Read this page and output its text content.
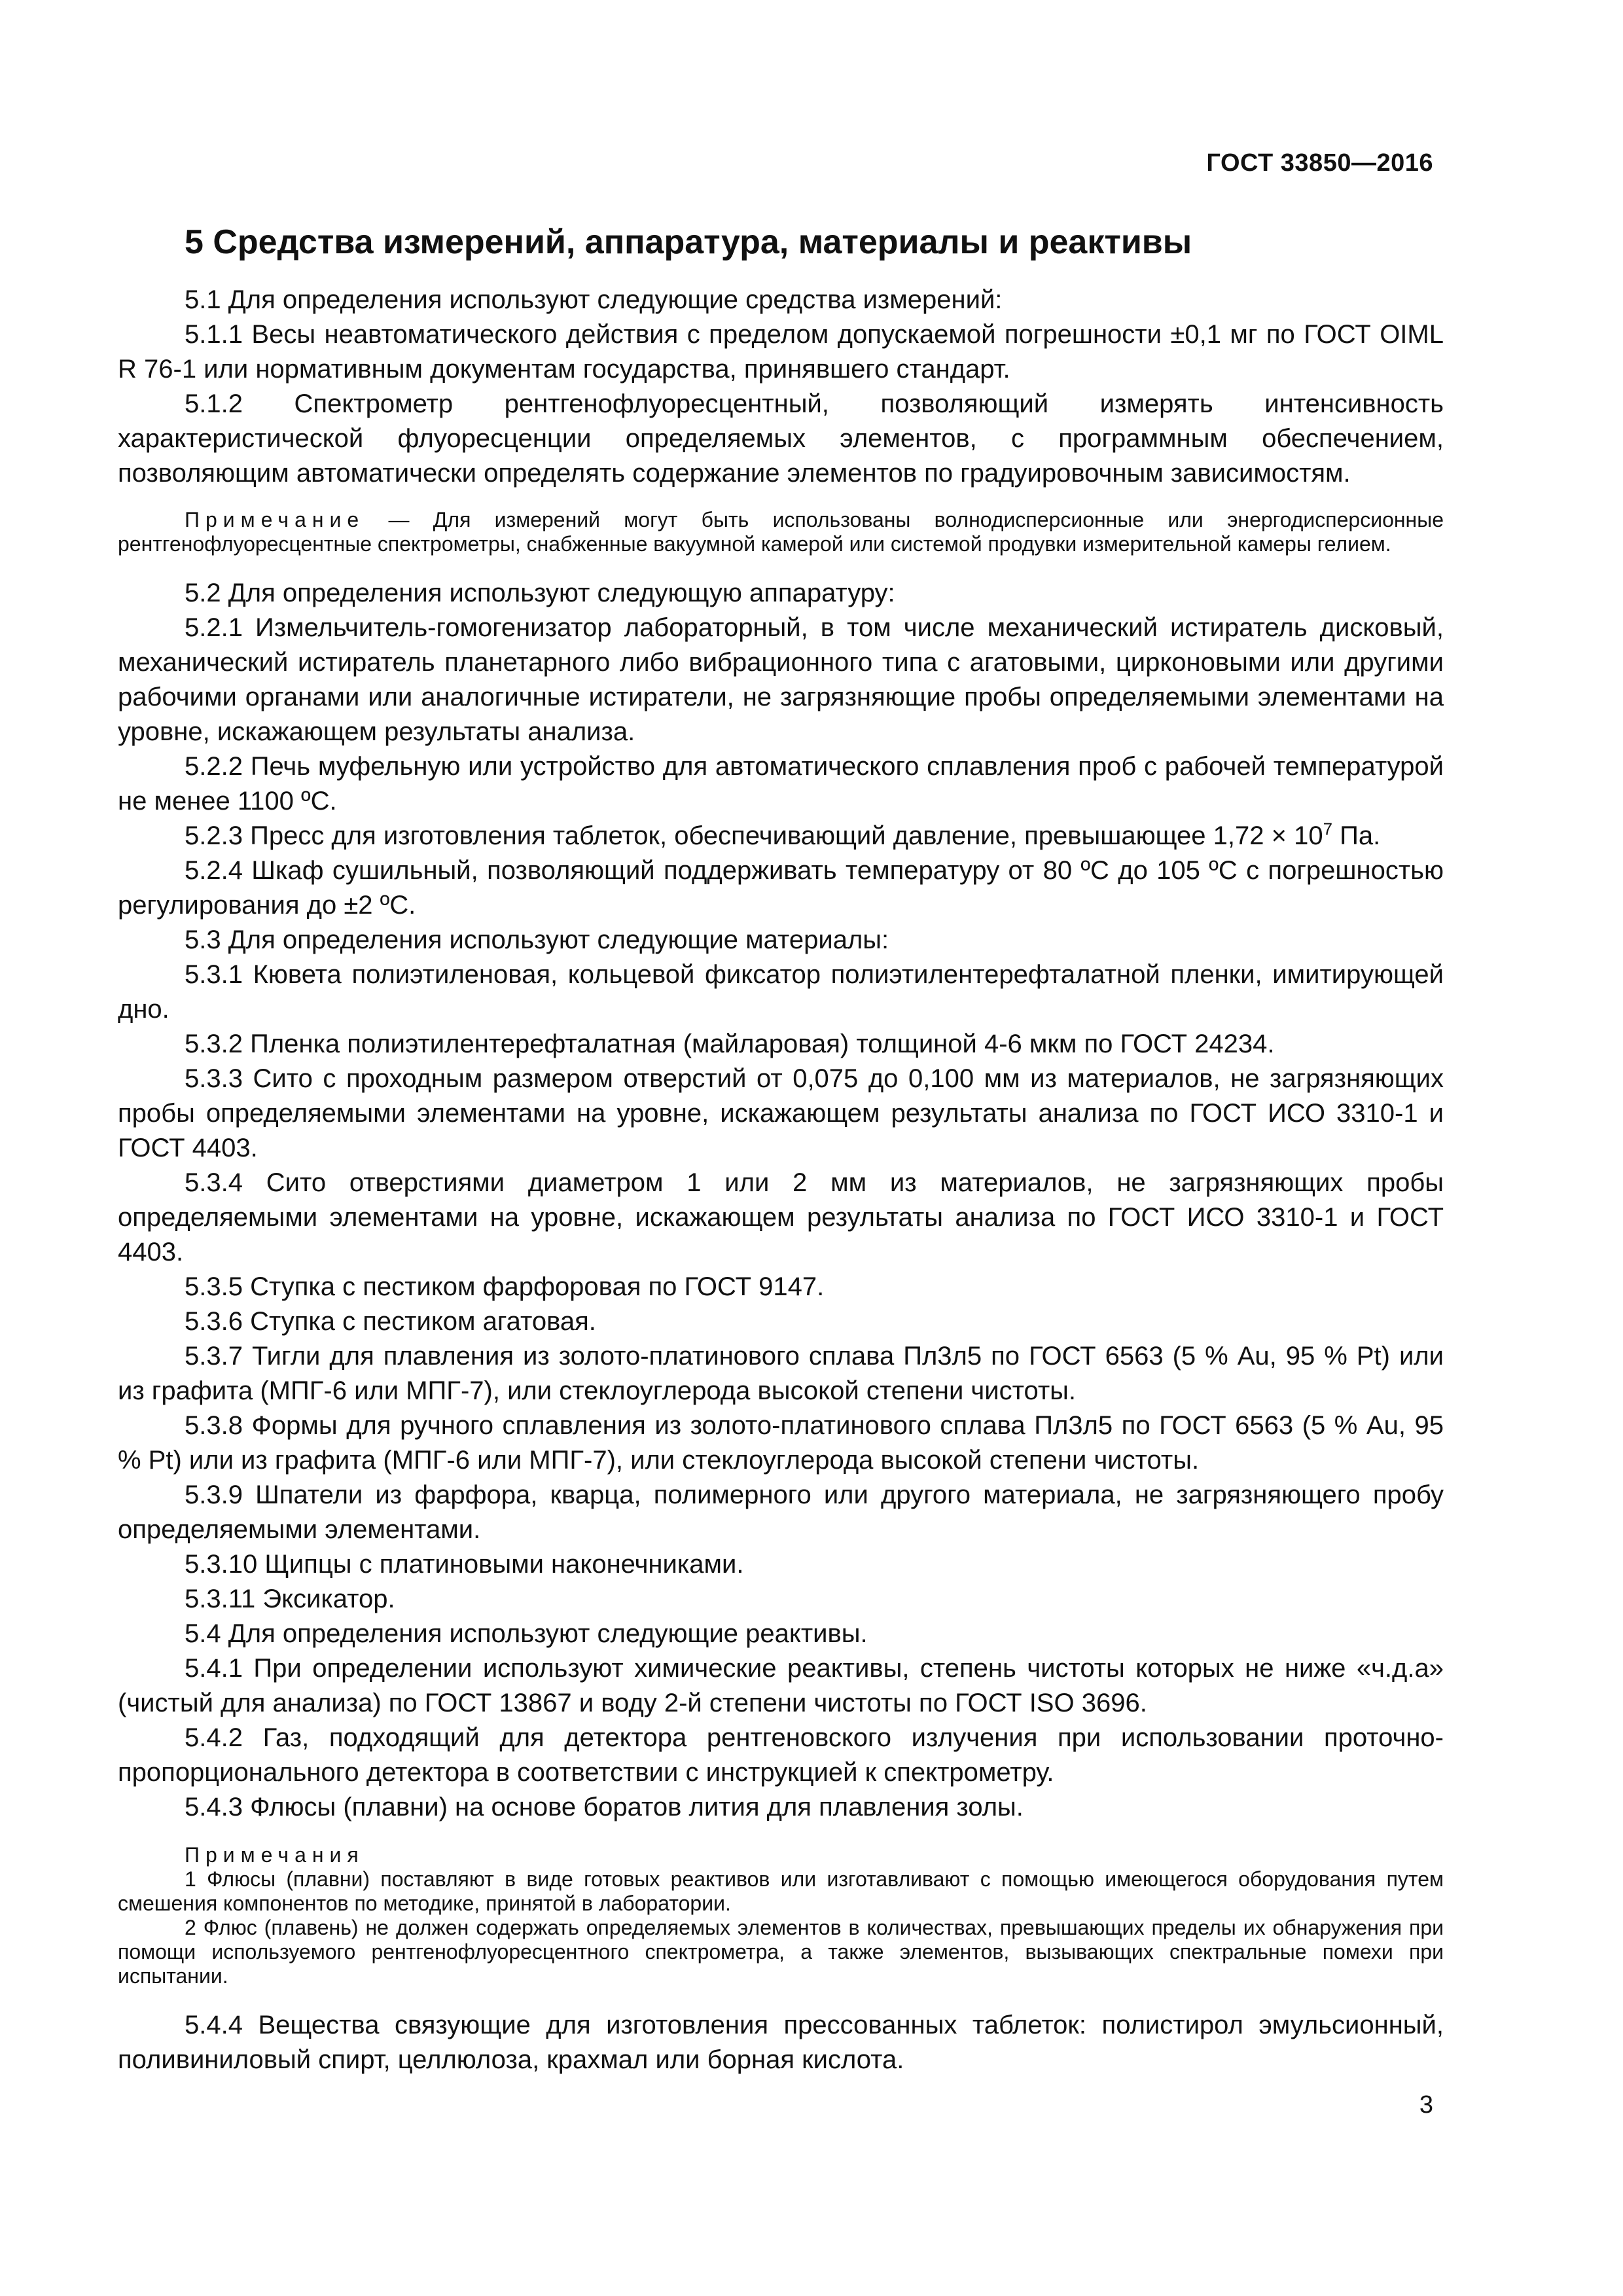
ГОСТ 33850—2016
5 Средства измерений, аппаратура, материалы и реактивы

5.1 Для определения используют следующие средства измерений:

5.1.1 Весы неавтоматического действия с пределом допускаемой погрешности ±0,1 мг по ГОСТ OIML R 76-1 или нормативным документам государства, принявшего стандарт.

5.1.2 Спектрометр рентгенофлуоресцентный, позволяющий измерять интенсивность характеристической флуоресценции определяемых элементов, с программным обеспечением, позволяющим автоматически определять содержание элементов по градуировочным зависимостям.

Примечание — Для измерений могут быть использованы волнодисперсионные или энергодисперсионные рентгенофлуоресцентные спектрометры, снабженные вакуумной камерой или системой продувки измерительной камеры гелием.

5.2 Для определения используют следующую аппаратуру:

5.2.1 Измельчитель-гомогенизатор лабораторный, в том числе механический истиратель дисковый, механический истиратель планетарного либо вибрационного типа с агатовыми, цирконовыми или другими рабочими органами или аналогичные истиратели, не загрязняющие пробы определяемыми элементами на уровне, искажающем результаты анализа.

5.2.2 Печь муфельную или устройство для автоматического сплавления проб с рабочей температурой не менее 1100 ºС.

5.2.3 Пресс для изготовления таблеток, обеспечивающий давление, превышающее $1,72 \times 10^7$ Па.

5.2.4 Шкаф сушильный, позволяющий поддерживать температуру от 80 ºС до 105 ºС с погрешностью регулирования до ±2 ºС.

5.3 Для определения используют следующие материалы:

5.3.1 Кювета полиэтиленовая, кольцевой фиксатор полиэтилентерефталатной пленки, имитирующей дно.

5.3.2 Пленка полиэтилентерефталатная (майларовая) толщиной 4-6 мкм по ГОСТ 24234.

5.3.3 Сито с проходным размером отверстий от 0,075 до 0,100 мм из материалов, не загрязняющих пробы определяемыми элементами на уровне, искажающем результаты анализа по ГОСТ ИСО 3310-1 и ГОСТ 4403.

5.3.4 Сито отверстиями диаметром 1 или 2 мм из материалов, не загрязняющих пробы определяемыми элементами на уровне, искажающем результаты анализа по ГОСТ ИСО 3310-1 и ГОСТ 4403.

5.3.5 Ступка с пестиком фарфоровая по ГОСТ 9147.

5.3.6 Ступка с пестиком агатовая.

5.3.7 Тигли для плавления из золото-платинового сплава Пл3л5 по ГОСТ 6563 (5 % Au, 95 % Pt) или из графита (МПГ-6 или МПГ-7), или стеклоуглерода высокой степени чистоты.

5.3.8 Формы для ручного сплавления из золото-платинового сплава Пл3л5 по ГОСТ 6563 (5 % Au, 95 % Pt) или из графита (МПГ-6 или МПГ-7), или стеклоуглерода высокой степени чистоты.

5.3.9 Шпатели из фарфора, кварца, полимерного или другого материала, не загрязняющего пробу определяемыми элементами.

5.3.10 Щипцы с платиновыми наконечниками.

5.3.11 Эксикатор.

5.4 Для определения используют следующие реактивы.

5.4.1 При определении используют химические реактивы, степень чистоты которых не ниже «ч.д.а» (чистый для анализа) по ГОСТ 13867 и воду 2-й степени чистоты по ГОСТ ISO 3696.

5.4.2 Газ, подходящий для детектора рентгеновского излучения при использовании проточно-пропорционального детектора в соответствии с инструкцией к спектрометру.

5.4.3 Флюсы (плавни) на основе боратов лития для плавления золы.

Примечания

1 Флюсы (плавни) поставляют в виде готовых реактивов или изготавливают с помощью имеющегося оборудования путем смешения компонентов по методике, принятой в лаборатории.

2 Флюс (плавень) не должен содержать определяемых элементов в количествах, превышающих пределы их обнаружения при помощи используемого рентгенофлуоресцентного спектрометра, а также элементов, вызывающих спектральные помехи при испытании.

5.4.4 Вещества связующие для изготовления прессованных таблеток: полистирол эмульсионный, поливиниловый спирт, целлюлоза, крахмал или борная кислота.

3
